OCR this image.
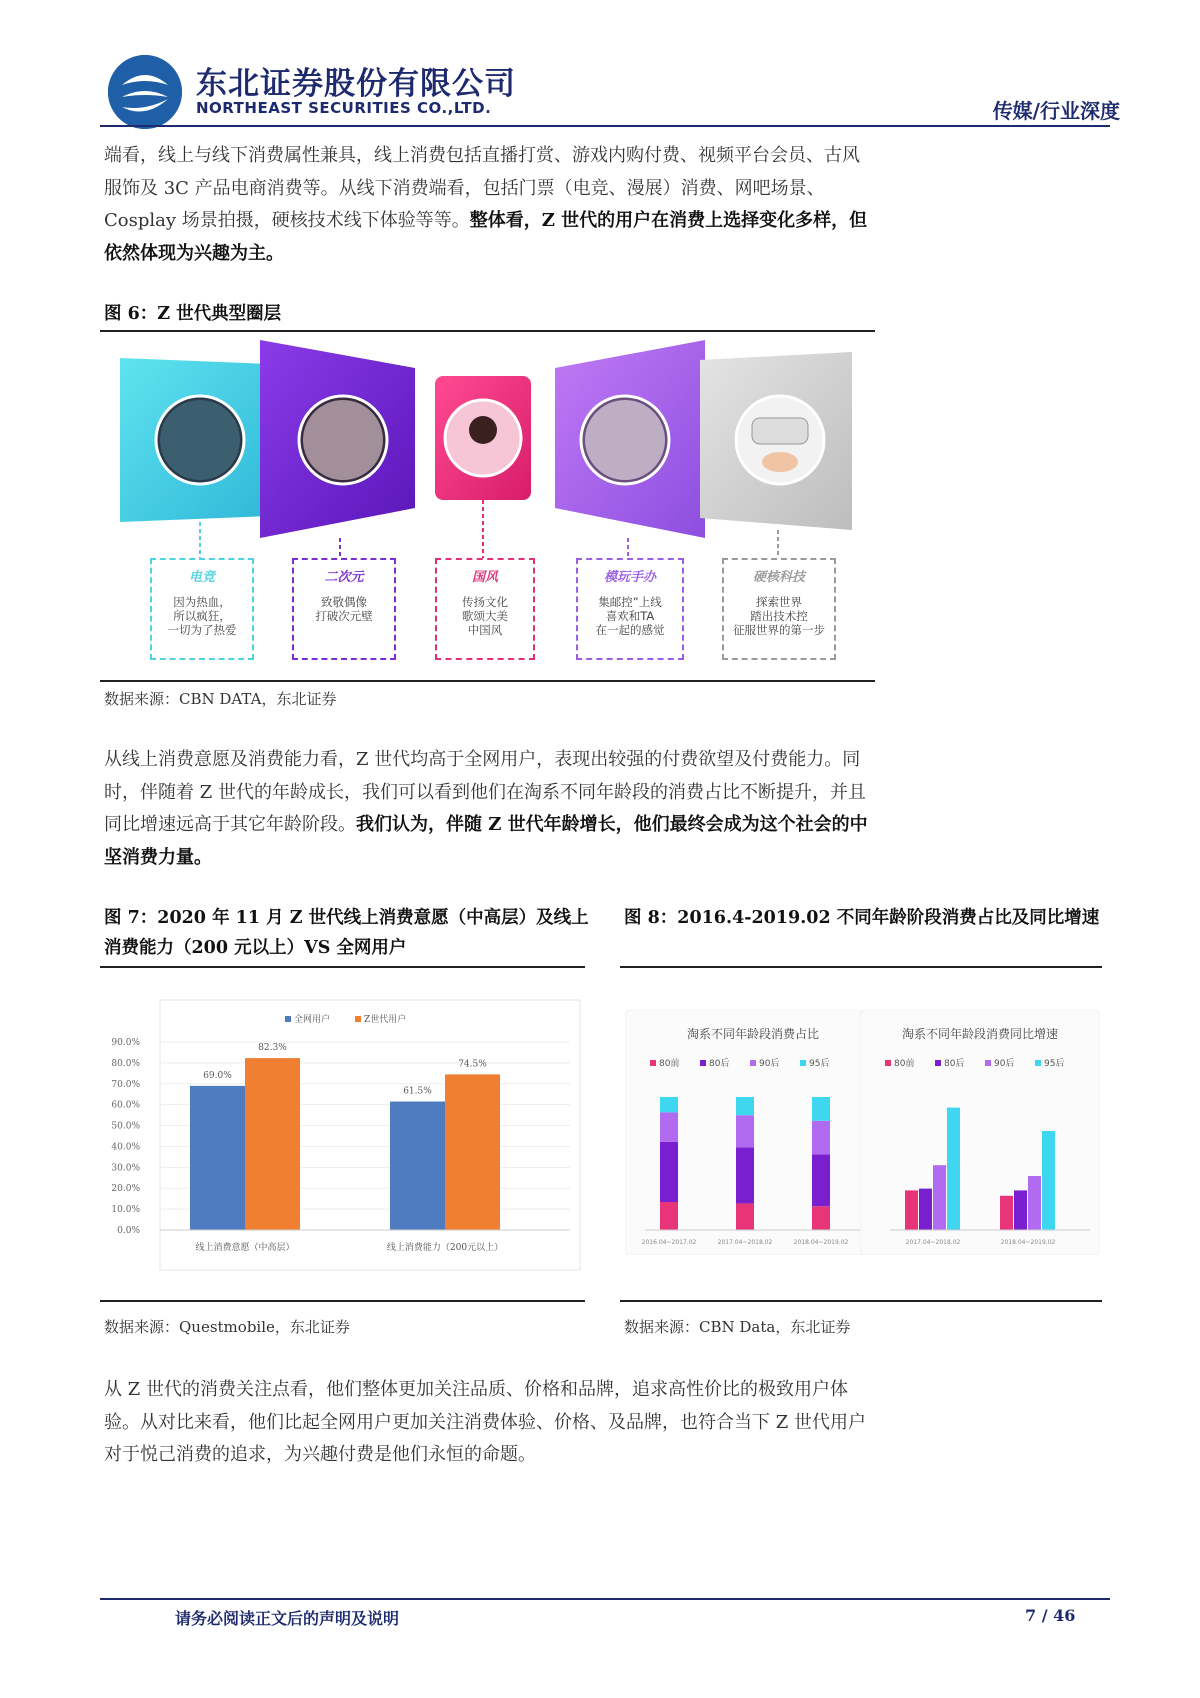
东北证券股份有限公司
NORTHEAST SECURITIES CO.,LTD.	传媒/行业深度
端看，线上与线下消费属性兼具，线上消费包括直播打赏、游戏内购付费、视频平台会员、古风服饰及 3C 产品电商消费等。从线下消费端看，包括门票（电竞、漫展）消费、网吧场景、Cosplay 场景拍摄，硬核技术线下体验等等。整体看，Z 世代的用户在消费上选择变化多样，但依然体现为兴趣为主。
图 6：Z 世代典型圈层
电竞
因为热血，
所以疯狂，
一切为了热爱
二次元
致敬偶像
打破次元壁
国风
传扬文化
歌颂大美
中国风
模玩手办
集邮控”上线
喜欢和TA
在一起的感觉
硬核科技
探索世界
踏出技术控
征服世界的第一步
数据来源：CBN DATA，东北证券
从线上消费意愿及消费能力看，Z 世代均高于全网用户，表现出较强的付费欲望及付费能力。同时，伴随着 Z 世代的年龄成长，我们可以看到他们在淘系不同年龄段的消费占比不断提升，并且同比增速远高于其它年龄阶段。我们认为，伴随 Z 世代年龄增长，他们最终会成为这个社会的中坚消费力量。
图 7：2020 年 11 月 Z 世代线上消费意愿（中高层）及线上消费能力（200 元以上）VS 全网用户
0.0%
10.0%
20.0%
30.0%
40.0%
50.0%
60.0%
70.0%
80.0%
90.0%
全网用户	Z世代用户
69.0%
82.3%
线上消费意愿（中高层）
61.5%
74.5%
线上消费能力（200元以上）
数据来源：Questmobile，东北证券
图 8：2016.4-2019.02 不同年龄阶段消费占比及同比增速
淘系不同年龄段消费占比
80前	80后	90后	95后
2016.04~2017.02	2017.04~2018.02	2018.04~2019.02
淘系不同年龄段消费同比增速
80前	80后	90后	95后
2017.04~2018.02	2018.04~2019.02
数据来源：CBN Data，东北证券
从 Z 世代的消费关注点看，他们整体更加关注品质、价格和品牌，追求高性价比的极致用户体验。从对比来看，他们比起全网用户更加关注消费体验、价格、及品牌，也符合当下 Z 世代用户对于悦己消费的追求，为兴趣付费是他们永恒的命题。
请务必阅读正文后的声明及说明	7 / 46
